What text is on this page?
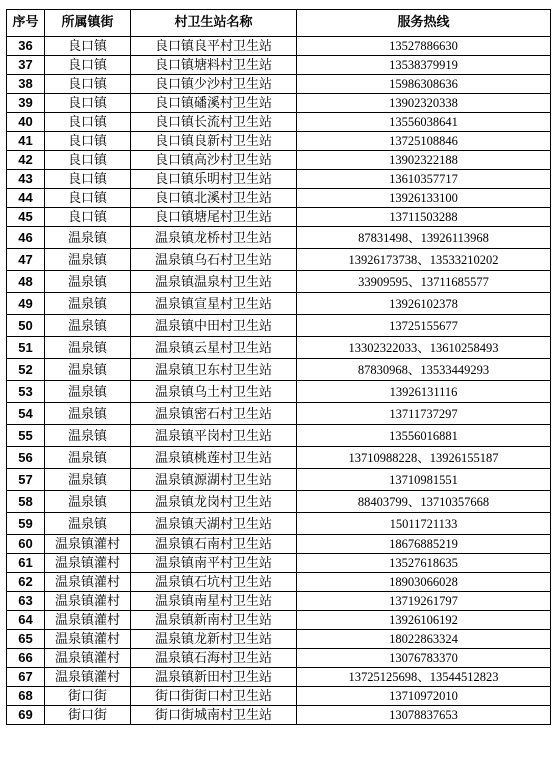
序号	所属镇街	村卫生站名称	服务热线
36	良口镇	良口镇良平村卫生站	13527886630
37	良口镇	良口镇塘料村卫生站	13538379919
38	良口镇	良口镇少沙村卫生站	15986308636
39	良口镇	良口镇磻溪村卫生站	13902320338
40	良口镇	良口镇长流村卫生站	13556038641
41	良口镇	良口镇良新村卫生站	13725108846
42	良口镇	良口镇高沙村卫生站	13902322188
43	良口镇	良口镇乐明村卫生站	13610357717
44	良口镇	良口镇北溪村卫生站	13926133100
45	良口镇	良口镇塘尾村卫生站	13711503288
46	温泉镇	温泉镇龙桥村卫生站	87831498、13926113968
47	温泉镇	温泉镇乌石村卫生站	13926173738、13533210202
48	温泉镇	温泉镇温泉村卫生站	33909595、13711685577
49	温泉镇	温泉镇宣星村卫生站	13926102378
50	温泉镇	温泉镇中田村卫生站	13725155677
51	温泉镇	温泉镇云星村卫生站	13302322033、13610258493
52	温泉镇	温泉镇卫东村卫生站	87830968、13533449293
53	温泉镇	温泉镇乌土村卫生站	13926131116
54	温泉镇	温泉镇密石村卫生站	13711737297
55	温泉镇	温泉镇平岗村卫生站	13556016881
56	温泉镇	温泉镇桃莲村卫生站	13710988228、13926155187
57	温泉镇	温泉镇源湖村卫生站	13710981551
58	温泉镇	温泉镇龙岗村卫生站	88403799、13710357668
59	温泉镇	温泉镇天湖村卫生站	15011721133
60	温泉镇灌村	温泉镇石南村卫生站	18676885219
61	温泉镇灌村	温泉镇南平村卫生站	13527618635
62	温泉镇灌村	温泉镇石坑村卫生站	18903066028
63	温泉镇灌村	温泉镇南星村卫生站	13719261797
64	温泉镇灌村	温泉镇新南村卫生站	13926106192
65	温泉镇灌村	温泉镇龙新村卫生站	18022863324
66	温泉镇灌村	温泉镇石海村卫生站	13076783370
67	温泉镇灌村	温泉镇新田村卫生站	13725125698、13544512823
68	街口街	街口街街口村卫生站	13710972010
69	街口街	街口街城南村卫生站	13078837653
